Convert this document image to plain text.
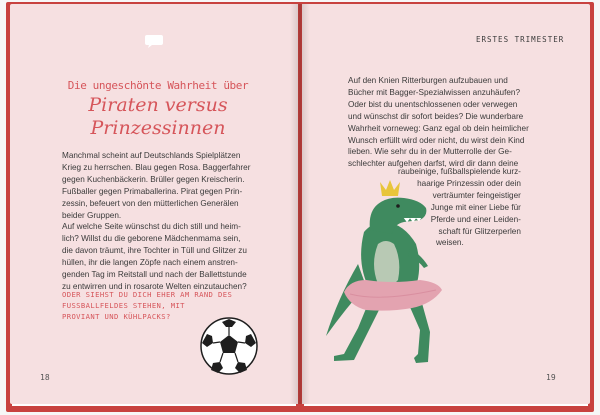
Die ungeschönte Wahrheit über
Piraten versus
Prinzessinnen
Manchmal scheint auf Deutschlands Spielplätzen
Krieg zu herrschen. Blau gegen Rosa. Baggerfahrer
gegen Kuchenbäckerin. Brüller gegen Kreischerin.
Fußballer gegen Primaballerina. Pirat gegen Prin-
zessin, befeuert von den mütterlichen Generälen
beider Gruppen.
Auf welche Seite wünschst du dich still und heim-
lich? Willst du die geborene Mädchenmama sein,
die davon träumt, ihre Tochter in Tüll und Glitzer zu
hüllen, ihr die langen Zöpfe nach einem anstren-
genden Tag im Reitstall und nach der Ballettstunde
zu entwirren und in rosarote Welten einzutauchen?
ODER SIEHST DU DICH EHER AM RAND DES
FUSSBALLFELDES STEHEN, MIT
PROVIANT UND KÜHLPACKS?
18
ERSTES TRIMESTER
Auf den Knien Ritterburgen aufzubauen und
Bücher mit Bagger-Spezialwissen anzuhäufen?
Oder bist du unentschlossenen oder verwegen
und wünschst dir sofort beides? Die wunderbare
Wahrheit vorneweg: Ganz egal ob dein heimlicher
Wunsch erfüllt wird oder nicht, du wirst dein Kind
lieben. Wie sehr du in der Mutterrolle der Ge-
schlechter aufgehen darfst, wird dir dann deine
raubeinige, fußballspielende kurz-
haarige Prinzessin oder dein
verträumter feingeistiger
Junge mit einer Liebe für
Pferde und einer Leiden-
schaft für Glitzerperlen
weisen.
19
